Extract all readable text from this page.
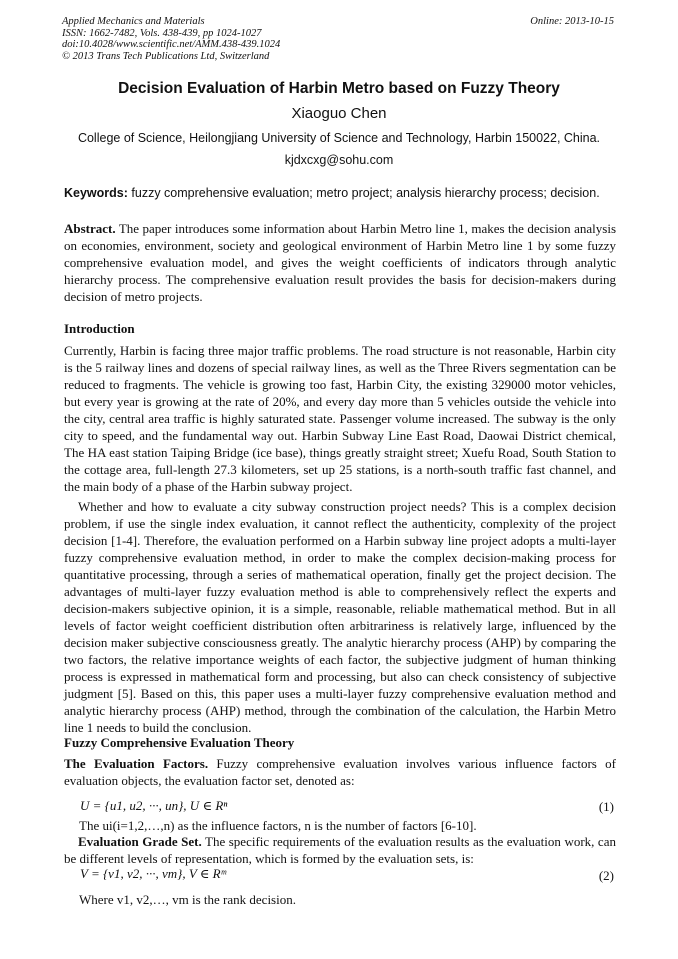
Applied Mechanics and Materials
ISSN: 1662-7482, Vols. 438-439, pp 1024-1027
doi:10.4028/www.scientific.net/AMM.438-439.1024
© 2013 Trans Tech Publications Ltd, Switzerland
Online: 2013-10-15
Decision Evaluation of Harbin Metro based on Fuzzy Theory
Xiaoguo Chen
College of Science, Heilongjiang University of Science and Technology, Harbin 150022, China.
kjdxcxg@sohu.com
Keywords: fuzzy comprehensive evaluation; metro project; analysis hierarchy process; decision.
Abstract. The paper introduces some information about Harbin Metro line 1, makes the decision analysis on economies, environment, society and geological environment of Harbin Metro line 1 by some fuzzy comprehensive evaluation model, and gives the weight coefficients of indicators through analytic hierarchy process. The comprehensive evaluation result provides the basis for decision-makers during decision of metro projects.
Introduction
Currently, Harbin is facing three major traffic problems. The road structure is not reasonable, Harbin city is the 5 railway lines and dozens of special railway lines, as well as the Three Rivers segmentation can be reduced to fragments. The vehicle is growing too fast, Harbin City, the existing 329000 motor vehicles, but every year is growing at the rate of 20%, and every day more than 5 vehicles outside the vehicle into the city, central area traffic is highly saturated state. Passenger volume increased. The subway is the only city to speed, and the fundamental way out. Harbin Subway Line East Road, Daowai District chemical, The HA east station Taiping Bridge (ice base), things greatly straight street; Xuefu Road, South Station to the cottage area, full-length 27.3 kilometers, set up 25 stations, is a north-south traffic fast channel, and the main body of a phase of the Harbin subway project.
Whether and how to evaluate a city subway construction project needs? This is a complex decision problem, if use the single index evaluation, it cannot reflect the authenticity, complexity of the project decision [1-4]. Therefore, the evaluation performed on a Harbin subway line project adopts a multi-layer fuzzy comprehensive evaluation method, in order to make the complex decision-making process for quantitative processing, through a series of mathematical operation, finally get the project decision. The advantages of multi-layer fuzzy evaluation method is able to comprehensively reflect the experts and decision-makers subjective opinion, it is a simple, reasonable, reliable mathematical method. But in all levels of factor weight coefficient distribution often arbitrariness is relatively large, influenced by the decision maker subjective consciousness greatly. The analytic hierarchy process (AHP) by comparing the two factors, the relative importance weights of each factor, the subjective judgment of human thinking process is expressed in mathematical form and processing, but also can check consistency of subjective judgment [5]. Based on this, this paper uses a multi-layer fuzzy comprehensive evaluation method and analytic hierarchy process (AHP) method, through the combination of the calculation, the Harbin Metro line 1 needs to build the conclusion.
Fuzzy Comprehensive Evaluation Theory
The Evaluation Factors. Fuzzy comprehensive evaluation involves various influence factors of evaluation objects, the evaluation factor set, denoted as:
U = {u1, u2, ···, un}, U ∈ Rⁿ	(1)
The ui(i=1,2,…,n) as the influence factors, n is the number of factors [6-10].
Evaluation Grade Set. The specific requirements of the evaluation results as the evaluation work, can be different levels of representation, which is formed by the evaluation sets, is:
V = {v1, v2, ···, vm}, V ∈ Rᵐ	(2)
Where v1, v2,…, vm is the rank decision.
